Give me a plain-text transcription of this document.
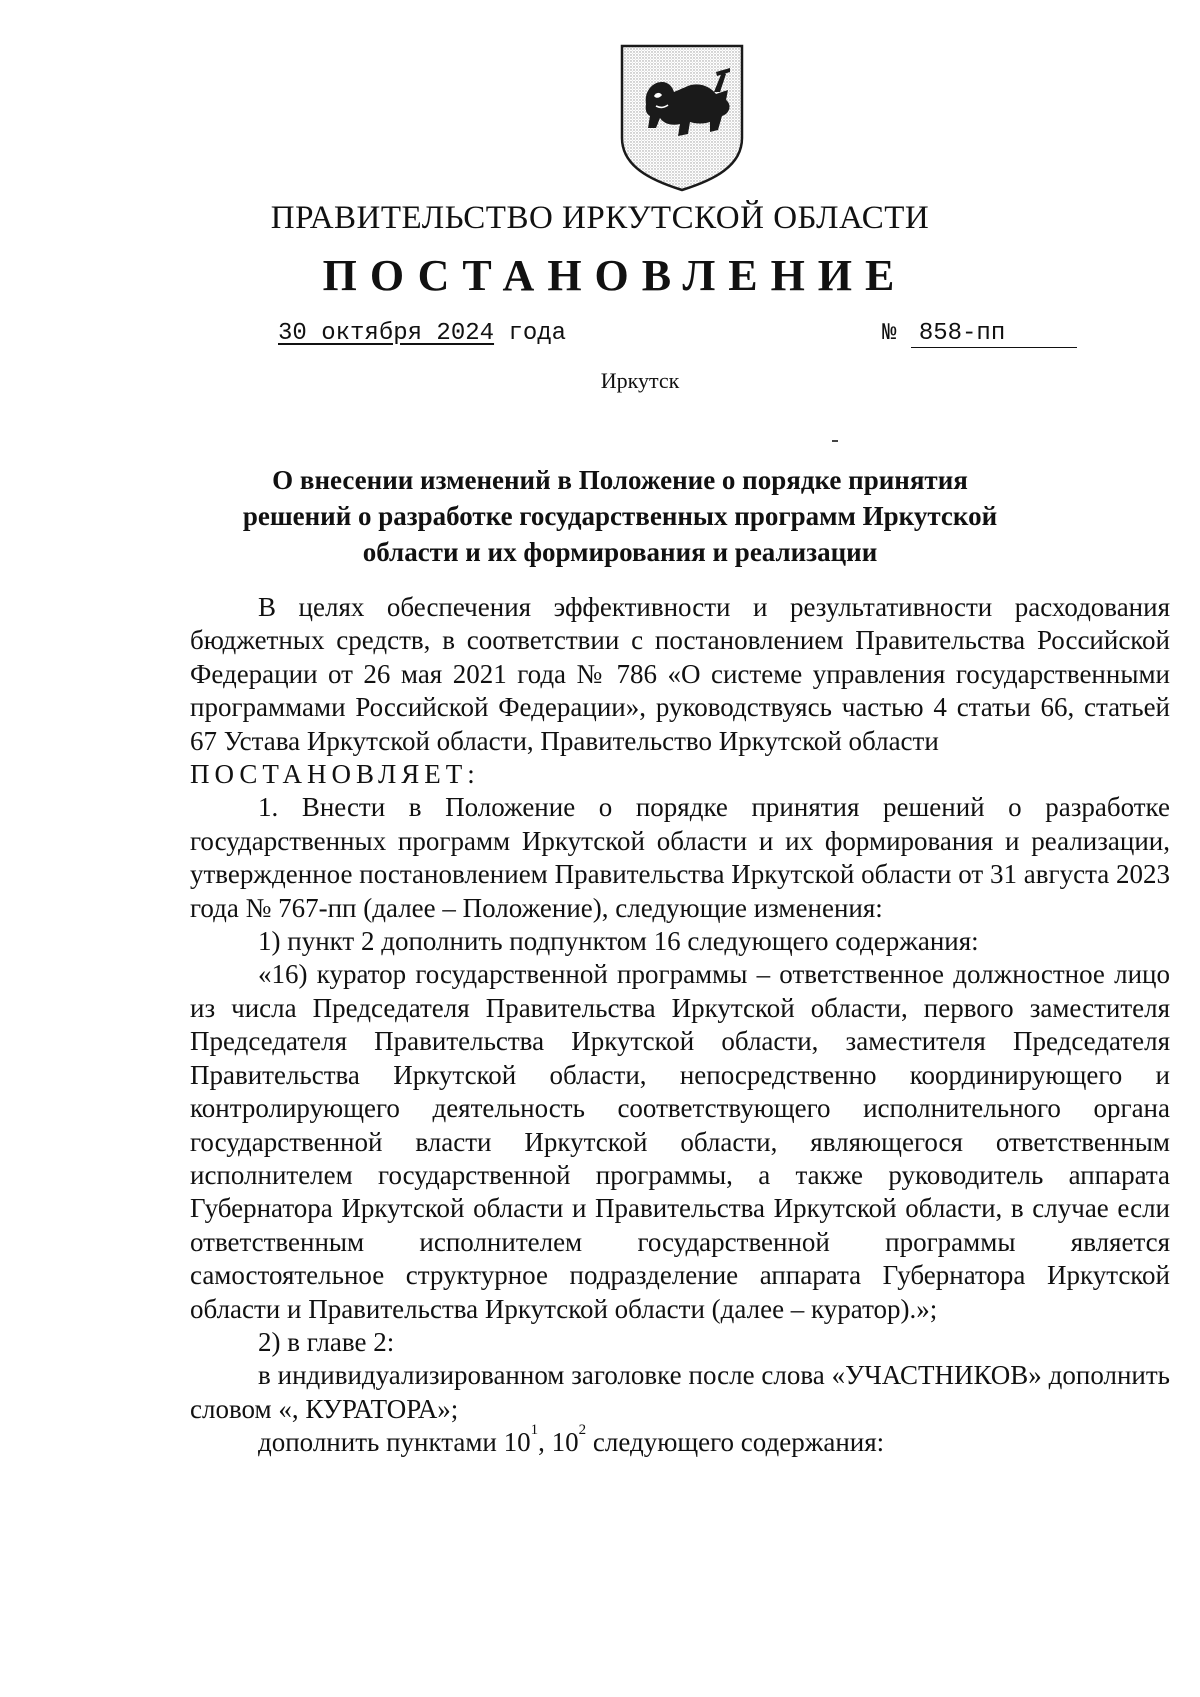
ПРАВИТЕЛЬСТВО ИРКУТСКОЙ ОБЛАСТИ
ПОСТАНОВЛЕНИЕ
30 октября 2024 года	№ 858-пп
Иркутск
О внесении изменений в Положение о порядке принятия решений о разработке государственных программ Иркутской области и их формирования и реализации

В целях обеспечения эффективности и результативности расходования бюджетных средств, в соответствии с постановлением Правительства Российской Федерации от 26 мая 2021 года № 786 «О системе управления государственными программами Российской Федерации», руководствуясь частью 4 статьи 66, статьей 67 Устава Иркутской области, Правительство Иркутской области

ПОСТАНОВЛЯЕТ:

1. Внести в Положение о порядке принятия решений о разработке государственных программ Иркутской области и их формирования и реализации, утвержденное постановлением Правительства Иркутской области от 31 августа 2023 года № 767-пп (далее – Положение), следующие изменения:

1) пункт 2 дополнить подпунктом 16 следующего содержания:

«16) куратор государственной программы – ответственное должностное лицо из числа Председателя Правительства Иркутской области, первого заместителя Председателя Правительства Иркутской области, заместителя Председателя Правительства Иркутской области, непосредственно координирующего и контролирующего деятельность соответствующего исполнительного органа государственной власти Иркутской области, являющегося ответственным исполнителем государственной программы, а также руководитель аппарата Губернатора Иркутской области и Правительства Иркутской области, в случае если ответственным исполнителем государственной программы является самостоятельное структурное подразделение аппарата Губернатора Иркутской области и Правительства Иркутской области (далее – куратор).»;

2) в главе 2:

в индивидуализированном заголовке после слова «УЧАСТНИКОВ» дополнить словом «, КУРАТОРА»;

дополнить пунктами $10^1$, $10^2$ следующего содержания:
